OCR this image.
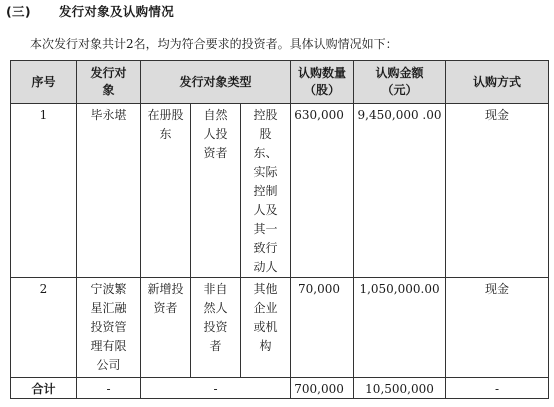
(三) 发行对象及认购情况
本次发行对象共计2名，均为符合要求的投资者。具体认购情况如下：
序号	发行对象	发行对象类型			认购数量（股）	认购金额（元）	认购方式
1	毕永堪	在册股东	自然人投资者	控股股东、实际控制人及其一致行动人	630,000	9,450,000 .00	现金
2	宁波繁星汇融投资管理有限公司	新增投资者	非自然人投资者	其他企业或机构	70,000	1,050,000.00	现金
合计	-	-			700,000	10,500,000	-
